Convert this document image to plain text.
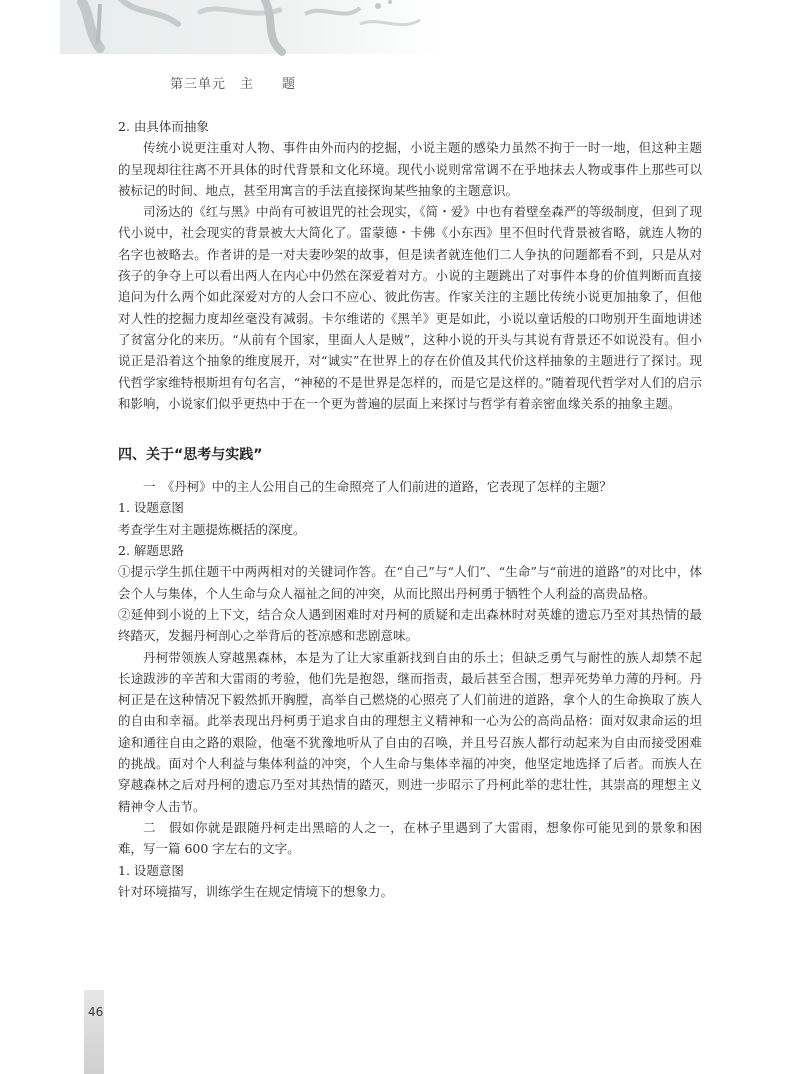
第三单元　主　　题

2. 由具体而抽象

传统小说更注重对人物、事件由外而内的挖掘，小说主题的感染力虽然不拘于一时一地，但这种主题的呈现却往往离不开具体的时代背景和文化环境。现代小说则常常调不在乎地抹去人物或事件上那些可以被标记的时间、地点，甚至用寓言的手法直接探询某些抽象的主题意识。

司汤达的《红与黑》中尚有可被诅咒的社会现实，《简・爱》中也有着壁垒森严的等级制度，但到了现代小说中，社会现实的背景被大大简化了。雷蒙德・卡佛《小东西》里不但时代背景被省略，就连人物的名字也被略去。作者讲的是一对夫妻吵架的故事，但是读者就连他们二人争执的问题都看不到，只是从对孩子的争夺上可以看出两人在内心中仍然在深爱着对方。小说的主题跳出了对事件本身的价值判断而直接追问为什么两个如此深爱对方的人会口不应心、彼此伤害。作家关注的主题比传统小说更加抽象了，但他对人性的挖掘力度却丝毫没有减弱。卡尔维诺的《黑羊》更是如此，小说以童话般的口吻别开生面地讲述了贫富分化的来历。“从前有个国家，里面人人是贼”，这种小说的开头与其说有背景还不如说没有。但小说正是沿着这个抽象的维度展开，对“诚实”在世界上的存在价值及其代价这样抽象的主题进行了探讨。现代哲学家维特根斯坦有句名言，“神秘的不是世界是怎样的，而是它是这样的。”随着现代哲学对人们的启示和影响，小说家们似乎更热中于在一个更为普遍的层面上来探讨与哲学有着亲密血缘关系的抽象主题。

四、关于“思考与实践”

一　《丹柯》中的主人公用自己的生命照亮了人们前进的道路，它表现了怎样的主题？

1. 设题意图

考查学生对主题提炼概括的深度。

2. 解题思路

①提示学生抓住题干中两两相对的关键词作答。在“自己”与“人们”、“生命”与“前进的道路”的对比中，体会个人与集体，个人生命与众人福祉之间的冲突，从而比照出丹柯勇于牺牲个人利益的高贵品格。

②延伸到小说的上下文，结合众人遇到困难时对丹柯的质疑和走出森林时对英雄的遗忘乃至对其热情的最终踏灭，发掘丹柯剖心之举背后的苍凉感和悲剧意味。

丹柯带领族人穿越黑森林，本是为了让大家重新找到自由的乐土；但缺乏勇气与耐性的族人却禁不起长途跋涉的辛苦和大雷雨的考验，他们先是抱怨，继而指责，最后甚至合围，想弄死势单力薄的丹柯。丹柯正是在这种情况下毅然抓开胸膛，高举自己燃烧的心照亮了人们前进的道路，拿个人的生命换取了族人的自由和幸福。此举表现出丹柯勇于追求自由的理想主义精神和一心为公的高尚品格：面对奴隶命运的坦途和通往自由之路的艰险，他毫不犹豫地听从了自由的召唤，并且号召族人都行动起来为自由而接受困难的挑战。面对个人利益与集体利益的冲突，个人生命与集体幸福的冲突，他坚定地选择了后者。而族人在穿越森林之后对丹柯的遗忘乃至对其热情的踏灭，则进一步昭示了丹柯此举的悲壮性，其崇高的理想主义精神令人击节。

二　假如你就是跟随丹柯走出黑暗的人之一，在林子里遇到了大雷雨，想象你可能见到的景象和困难，写一篇 600 字左右的文字。

1. 设题意图

针对环境描写，训练学生在规定情境下的想象力。

46
